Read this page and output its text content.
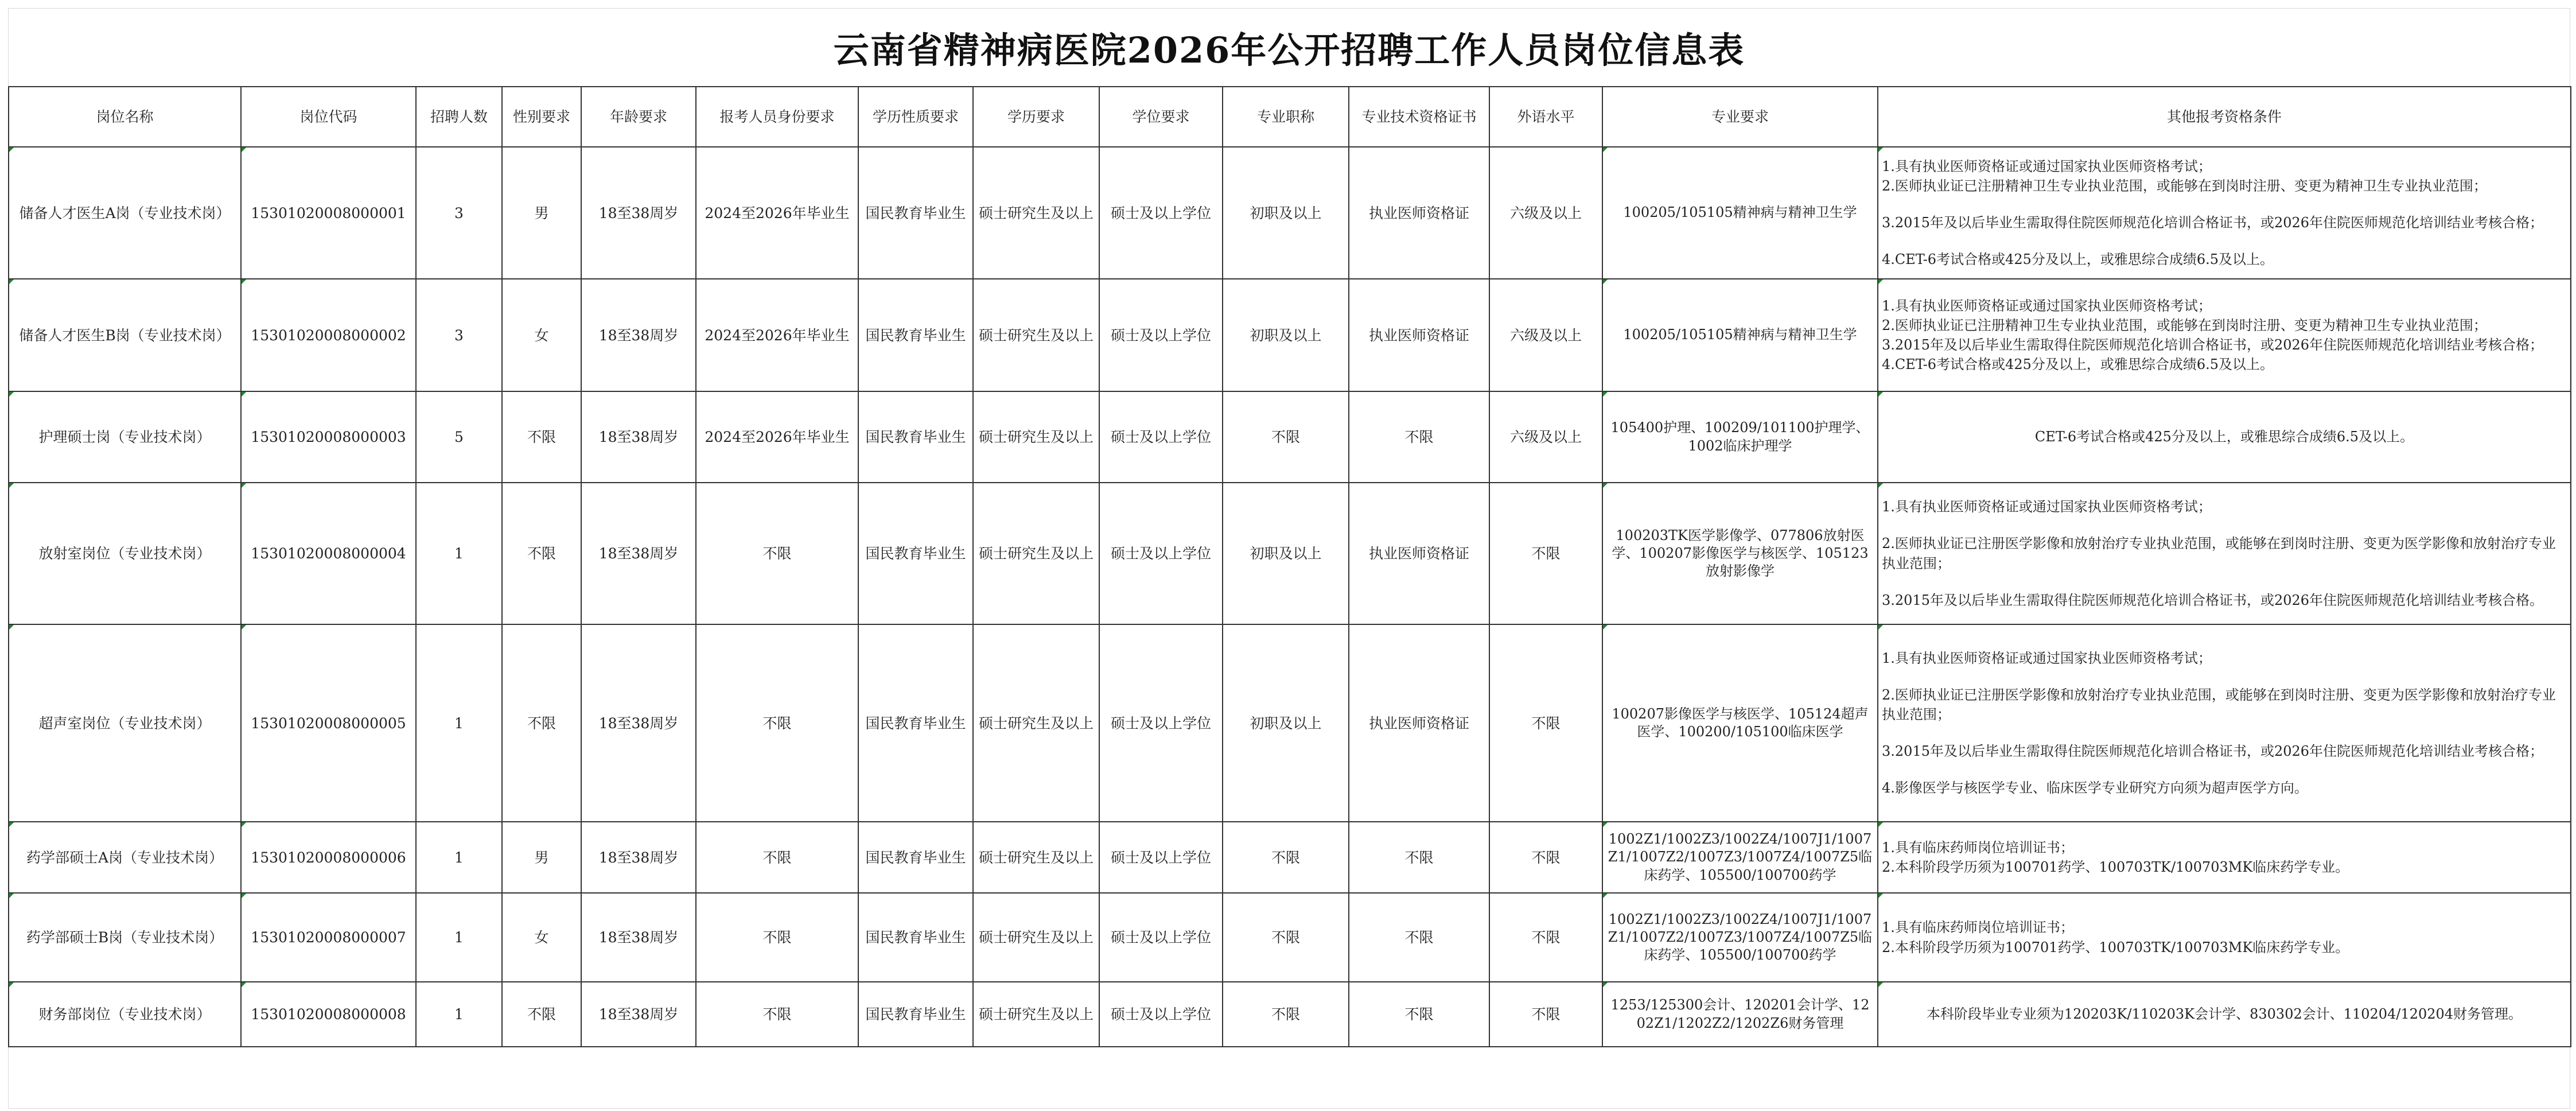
云南省精神病医院2026年公开招聘工作人员岗位信息表
岗位名称	岗位代码	招聘人数	性别要求	年龄要求	报考人员身份要求	学历性质要求	学历要求	学位要求	专业职称	专业技术资格证书	外语水平	专业要求	其他报考资格条件
储备人才医生A岗（专业技术岗）	15301020008000001	3	男	18至38周岁	2024至2026年毕业生	国民教育毕业生	硕士研究生及以上	硕士及以上学位	初职及以上	执业医师资格证	六级及以上	100205/105105精神病与精神卫生学	1.具有执业医师资格证或通过国家执业医师资格考试；
2.医师执业证已注册精神卫生专业执业范围，或能够在到岗时注册、变更为精神卫生专业执业范围；
3.2015年及以后毕业生需取得住院医师规范化培训合格证书，或2026年住院医师规范化培训结业考核合格；
4.CET-6考试合格或425分及以上，或雅思综合成绩6.5及以上。

储备人才医生B岗（专业技术岗）	15301020008000002	3	女	18至38周岁	2024至2026年毕业生	国民教育毕业生	硕士研究生及以上	硕士及以上学位	初职及以上	执业医师资格证	六级及以上	100205/105105精神病与精神卫生学	1.具有执业医师资格证或通过国家执业医师资格考试；
2.医师执业证已注册精神卫生专业执业范围，或能够在到岗时注册、变更为精神卫生专业执业范围；
3.2015年及以后毕业生需取得住院医师规范化培训合格证书，或2026年住院医师规范化培训结业考核合格；
4.CET-6考试合格或425分及以上，或雅思综合成绩6.5及以上。

护理硕士岗（专业技术岗）	15301020008000003	5	不限	18至38周岁	2024至2026年毕业生	国民教育毕业生	硕士研究生及以上	硕士及以上学位	不限	不限	六级及以上	105400护理、100209/101100护理学、1002临床护理学	CET-6考试合格或425分及以上，或雅思综合成绩6.5及以上。

放射室岗位（专业技术岗）	15301020008000004	1	不限	18至38周岁	不限	国民教育毕业生	硕士研究生及以上	硕士及以上学位	初职及以上	执业医师资格证	不限	100203TK医学影像学、077806放射医学、100207影像医学与核医学、105123放射影像学	1.具有执业医师资格证或通过国家执业医师资格考试；
2.医师执业证已注册医学影像和放射治疗专业执业范围，或能够在到岗时注册、变更为医学影像和放射治疗专业执业范围；
3.2015年及以后毕业生需取得住院医师规范化培训合格证书，或2026年住院医师规范化培训结业考核合格。

超声室岗位（专业技术岗）	15301020008000005	1	不限	18至38周岁	不限	国民教育毕业生	硕士研究生及以上	硕士及以上学位	初职及以上	执业医师资格证	不限	100207影像医学与核医学、105124超声医学、100200/105100临床医学	1.具有执业医师资格证或通过国家执业医师资格考试；
2.医师执业证已注册医学影像和放射治疗专业执业范围，或能够在到岗时注册、变更为医学影像和放射治疗专业执业范围；
3.2015年及以后毕业生需取得住院医师规范化培训合格证书，或2026年住院医师规范化培训结业考核合格；
4.影像医学与核医学专业、临床医学专业研究方向须为超声医学方向。

药学部硕士A岗（专业技术岗）	15301020008000006	1	男	18至38周岁	不限	国民教育毕业生	硕士研究生及以上	硕士及以上学位	不限	不限	不限	1002Z1/1002Z3/1002Z4/1007J1/1007Z1/1007Z2/1007Z3/1007Z4/1007Z5临床药学、105500/100700药学	1.具有临床药师岗位培训证书；
2.本科阶段学历须为100701药学、100703TK/100703MK临床药学专业。

药学部硕士B岗（专业技术岗）	15301020008000007	1	女	18至38周岁	不限	国民教育毕业生	硕士研究生及以上	硕士及以上学位	不限	不限	不限	1002Z1/1002Z3/1002Z4/1007J1/1007Z1/1007Z2/1007Z3/1007Z4/1007Z5临床药学、105500/100700药学	1.具有临床药师岗位培训证书；
2.本科阶段学历须为100701药学、100703TK/100703MK临床药学专业。

财务部岗位（专业技术岗）	15301020008000008	1	不限	18至38周岁	不限	国民教育毕业生	硕士研究生及以上	硕士及以上学位	不限	不限	不限	1253/125300会计、120201会计学、1202Z1/1202Z2/1202Z6财务管理	本科阶段毕业专业须为120203K/110203K会计学、830302会计、110204/120204财务管理。
